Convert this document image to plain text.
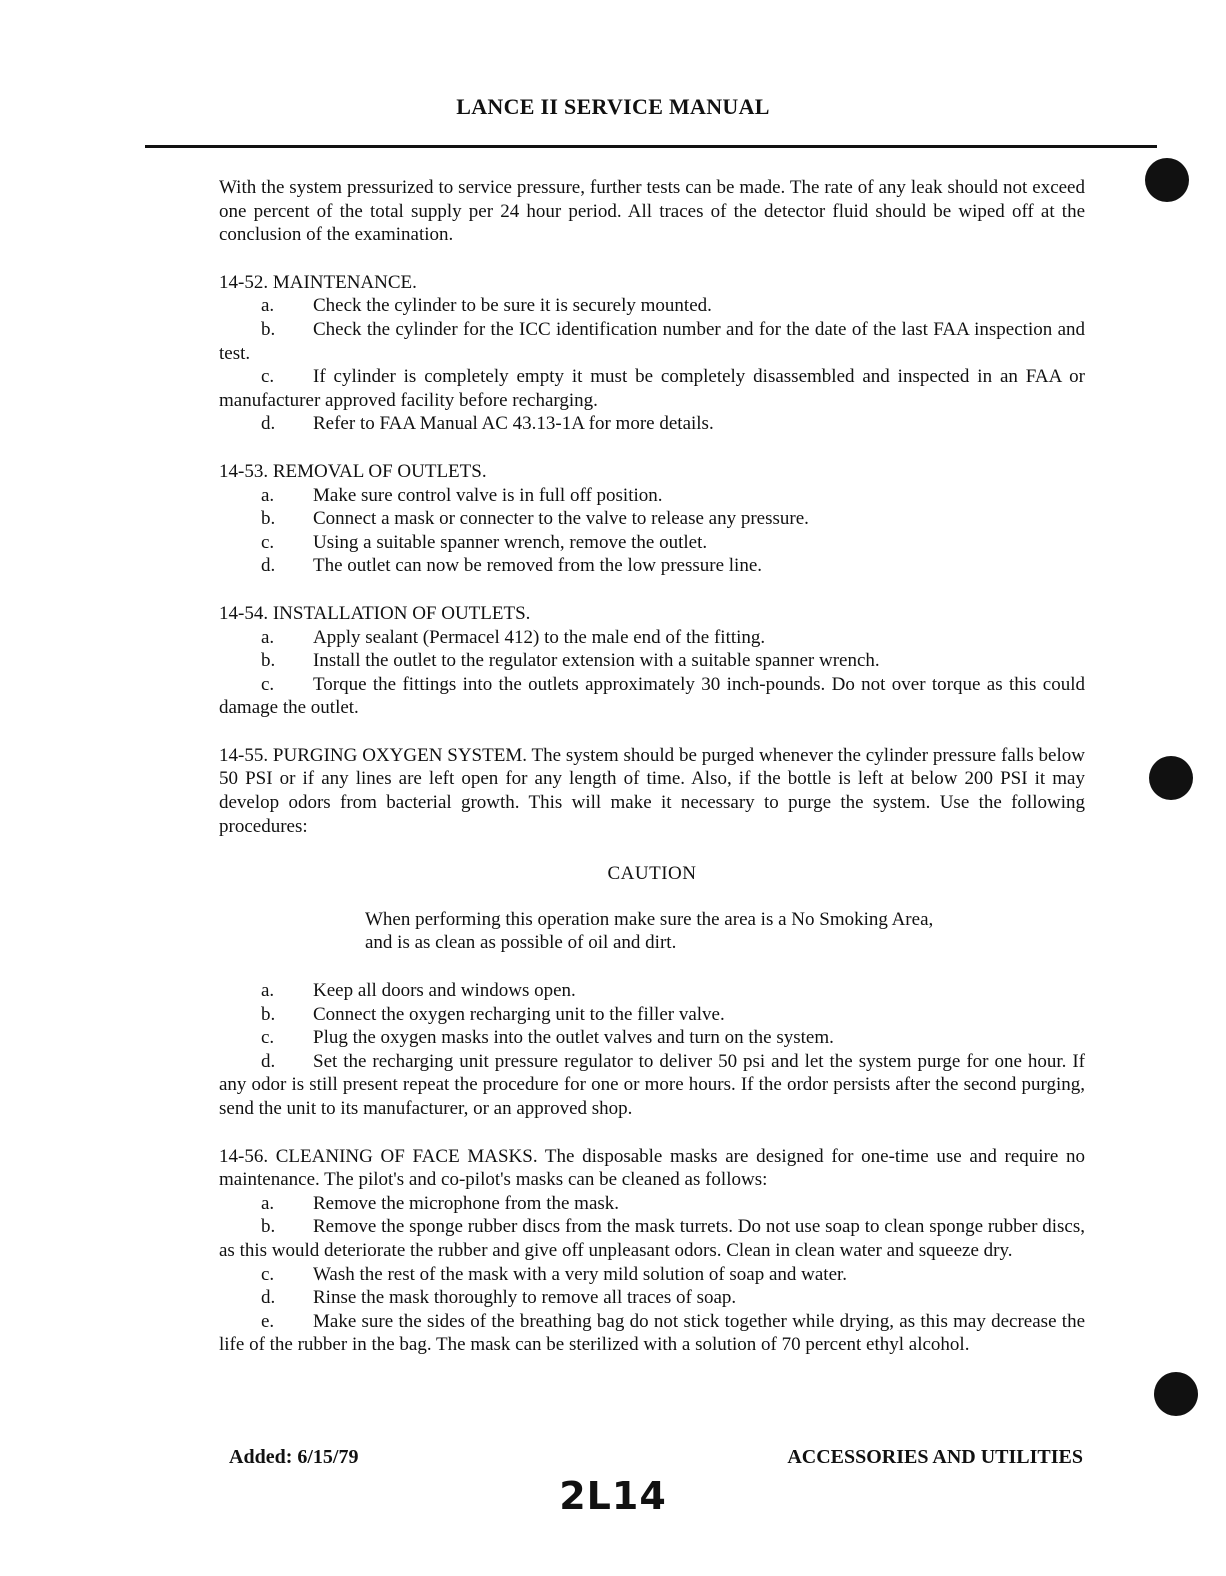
LANCE II SERVICE MANUAL

With the system pressurized to service pressure, further tests can be made. The rate of any leak should not exceed one percent of the total supply per 24 hour period. All traces of the detector fluid should be wiped off at the conclusion of the examination.

14-52. MAINTENANCE.

a. Check the cylinder to be sure it is securely mounted.

b. Check the cylinder for the ICC identification number and for the date of the last FAA inspection and test.

c. If cylinder is completely empty it must be completely disassembled and inspected in an FAA or manufacturer approved facility before recharging.

d. Refer to FAA Manual AC 43.13-1A for more details.

14-53. REMOVAL OF OUTLETS.

a. Make sure control valve is in full off position.

b. Connect a mask or connecter to the valve to release any pressure.

c. Using a suitable spanner wrench, remove the outlet.

d. The outlet can now be removed from the low pressure line.

14-54. INSTALLATION OF OUTLETS.

a. Apply sealant (Permacel 412) to the male end of the fitting.

b. Install the outlet to the regulator extension with a suitable spanner wrench.

c. Torque the fittings into the outlets approximately 30 inch-pounds. Do not over torque as this could damage the outlet.

14-55. PURGING OXYGEN SYSTEM. The system should be purged whenever the cylinder pressure falls below 50 PSI or if any lines are left open for any length of time. Also, if the bottle is left at below 200 PSI it may develop odors from bacterial growth. This will make it necessary to purge the system. Use the following procedures:

CAUTION

When performing this operation make sure the area is a No Smoking Area, and is as clean as possible of oil and dirt.

a. Keep all doors and windows open.

b. Connect the oxygen recharging unit to the filler valve.

c. Plug the oxygen masks into the outlet valves and turn on the system.

d. Set the recharging unit pressure regulator to deliver 50 psi and let the system purge for one hour. If any odor is still present repeat the procedure for one or more hours. If the ordor persists after the second purging, send the unit to its manufacturer, or an approved shop.

14-56. CLEANING OF FACE MASKS. The disposable masks are designed for one-time use and require no maintenance. The pilot's and co-pilot's masks can be cleaned as follows:

a. Remove the microphone from the mask.

b. Remove the sponge rubber discs from the mask turrets. Do not use soap to clean sponge rubber discs, as this would deteriorate the rubber and give off unpleasant odors. Clean in clean water and squeeze dry.

c. Wash the rest of the mask with a very mild solution of soap and water.

d. Rinse the mask thoroughly to remove all traces of soap.

e. Make sure the sides of the breathing bag do not stick together while drying, as this may decrease the life of the rubber in the bag. The mask can be sterilized with a solution of 70 percent ethyl alcohol.

Added: 6/15/79	ACCESSORIES AND UTILITIES
2L14
